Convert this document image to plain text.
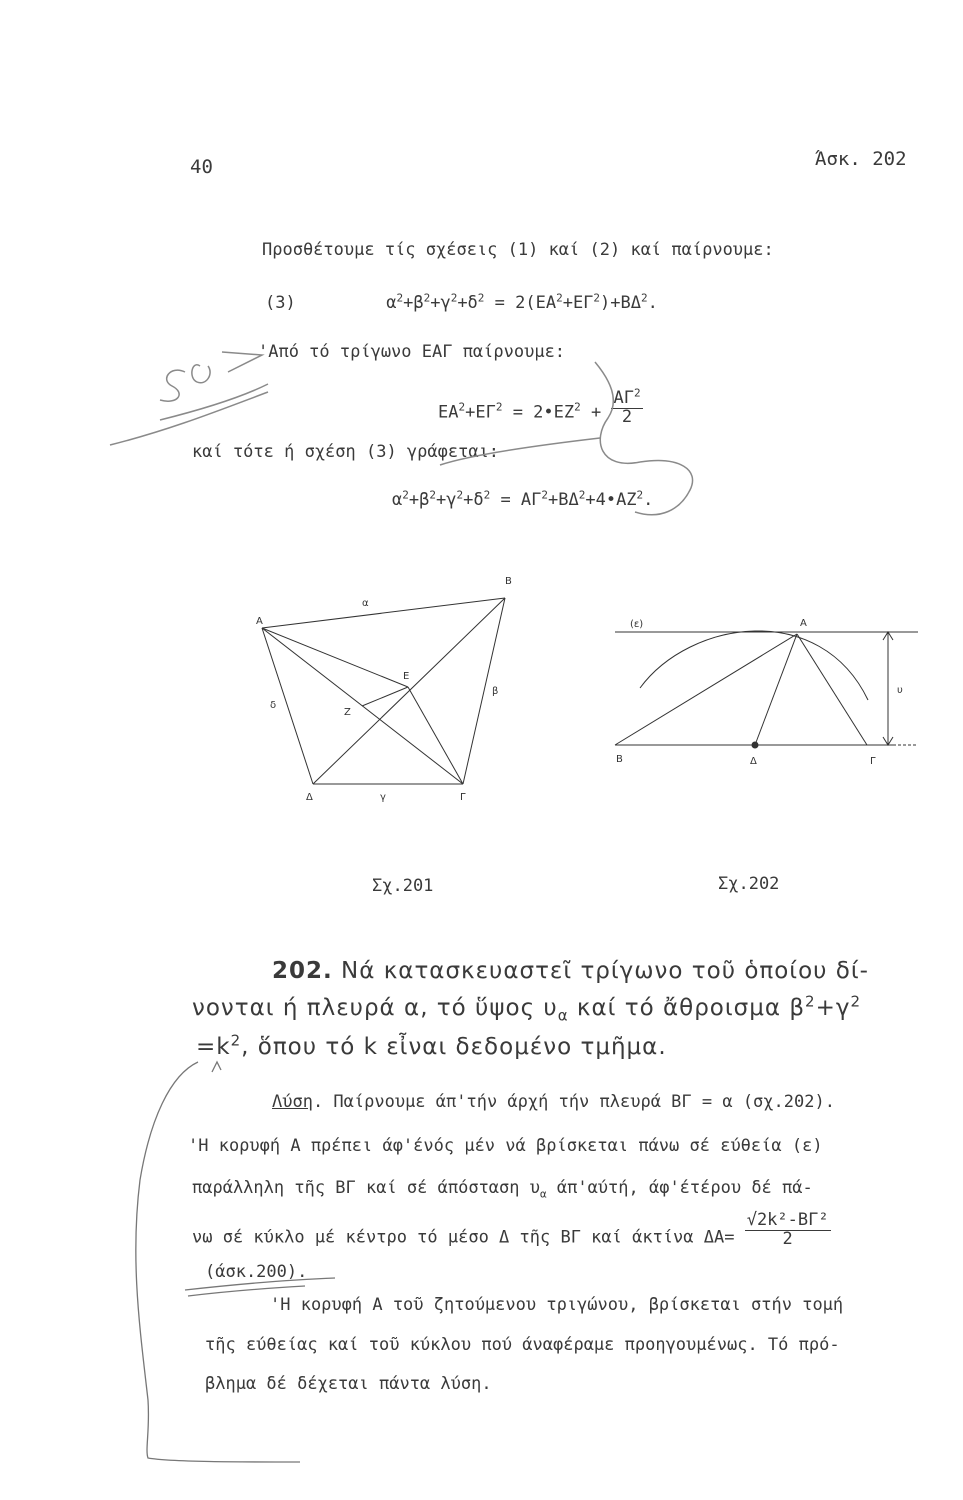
40	Άσκ. 202
Προσθέτουμε τίς σχέσεις (1) καί (2) καί παίρνουμε:
(3)	$\alpha^2+\beta^2+\gamma^2+\delta^2 = 2(EA^2+E\Gamma^2)+B\Delta^2$.
'Από τό τρίγωνο ΕΑΓ παίρνουμε:
$EA^2+E\Gamma^2$ = $2•EZ^2 + \frac{A\Gamma^2}{2}$
καί τότε ή σχέση (3) γράφεται:
$\alpha^2+\beta^2+\gamma^2+\delta^2$ = $A\Gamma^2+B\Delta^2+4•AZ^2$.
Α
Β
Γ
Δ
Ε
Ζ
α
β
γ
δ
(ε)	Α
Β	Δ	Γ
υ
Σχ.201	Σχ.202
202. Νά κατασκευαστεῖ τρίγωνο τοῦ ὁποίου δί-
νονται ή πλευρά α, τό ὕψος $\upsilon_\alpha$ καί τό ἄθροισμα $\beta^2+\gamma^2$
$=k^2$, ὅπου τό k εἶναι δεδομένο τμῆμα.
Λύση. Παίρνουμε άπ'τήν άρχή τήν πλευρά ΒΓ = α (σχ.202).
'Η κορυφή Α πρέπει άφ'ένός μέν νά βρίσκεται πάνω σέ εύθεία (ε)
παράλληλη τῆς ΒΓ καί σέ άπόσταση $\upsilon_\alpha$ άπ'αύτή, άφ'έτέρου δέ πά-
νω σέ κύκλο μέ κέντρο τό μέσο Δ τῆς ΒΓ καί άκτίνα $\Delta A= \frac{\text{√2k²-ΒΓ²}}{2}$
(άσκ.200).
'Η κορυφή Α τοῦ ζητούμενου τριγώνου, βρίσκεται στήν τομή
τῆς εύθείας καί τοῦ κύκλου πού άναφέραμε προηγουμένως. Τό πρό-
βλημα δέ δέχεται πάντα λύση.
